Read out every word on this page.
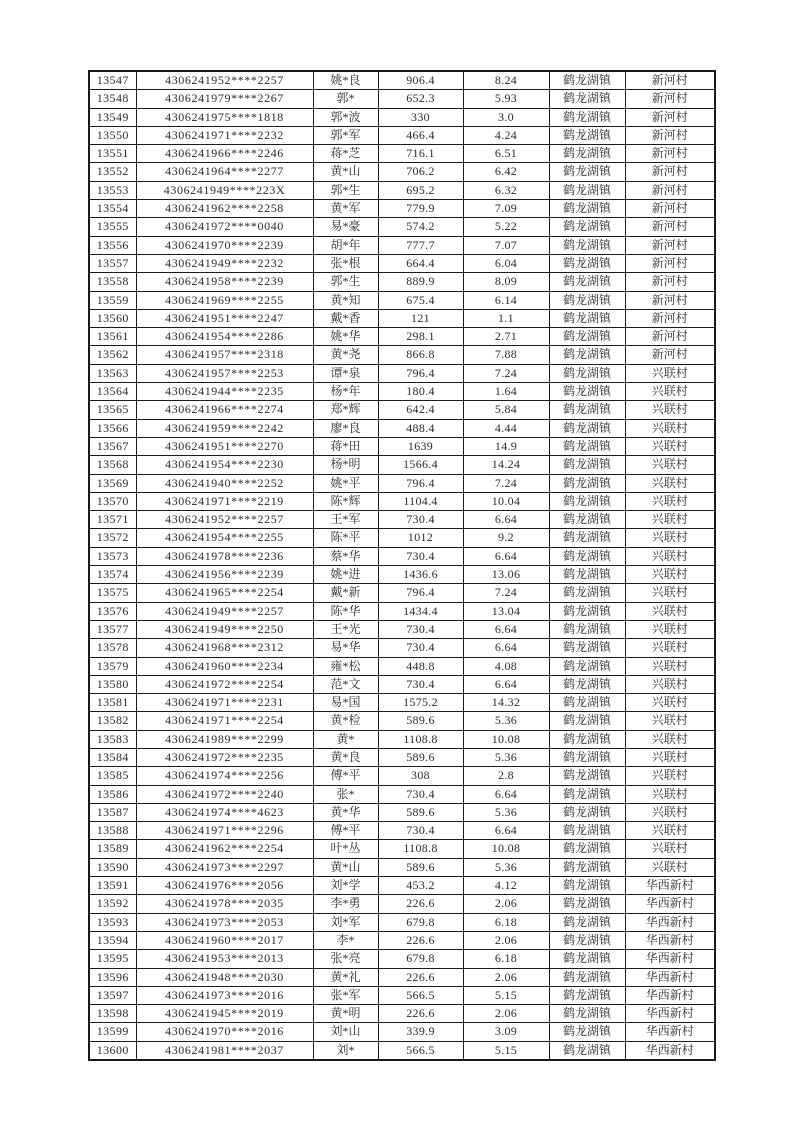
13547	4306241952****2257	姚*良	906.4	8.24	鹤龙湖镇	新河村
13548	4306241979****2267	郭*	652.3	5.93	鹤龙湖镇	新河村
13549	4306241975****1818	郭*波	330	3.0	鹤龙湖镇	新河村
13550	4306241971****2232	郭*军	466.4	4.24	鹤龙湖镇	新河村
13551	4306241966****2246	蒋*芝	716.1	6.51	鹤龙湖镇	新河村
13552	4306241964****2277	黄*山	706.2	6.42	鹤龙湖镇	新河村
13553	4306241949****223X	郭*生	695.2	6.32	鹤龙湖镇	新河村
13554	4306241962****2258	黄*军	779.9	7.09	鹤龙湖镇	新河村
13555	4306241972****0040	易*豪	574.2	5.22	鹤龙湖镇	新河村
13556	4306241970****2239	胡*年	777.7	7.07	鹤龙湖镇	新河村
13557	4306241949****2232	张*根	664.4	6.04	鹤龙湖镇	新河村
13558	4306241958****2239	郭*生	889.9	8.09	鹤龙湖镇	新河村
13559	4306241969****2255	黄*知	675.4	6.14	鹤龙湖镇	新河村
13560	4306241951****2247	戴*香	121	1.1	鹤龙湖镇	新河村
13561	4306241954****2286	姚*华	298.1	2.71	鹤龙湖镇	新河村
13562	4306241957****2318	黄*尧	866.8	7.88	鹤龙湖镇	新河村
13563	4306241957****2253	谭*泉	796.4	7.24	鹤龙湖镇	兴联村
13564	4306241944****2235	杨*年	180.4	1.64	鹤龙湖镇	兴联村
13565	4306241966****2274	郑*辉	642.4	5.84	鹤龙湖镇	兴联村
13566	4306241959****2242	廖*良	488.4	4.44	鹤龙湖镇	兴联村
13567	4306241951****2270	蒋*田	1639	14.9	鹤龙湖镇	兴联村
13568	4306241954****2230	杨*明	1566.4	14.24	鹤龙湖镇	兴联村
13569	4306241940****2252	姚*平	796.4	7.24	鹤龙湖镇	兴联村
13570	4306241971****2219	陈*辉	1104.4	10.04	鹤龙湖镇	兴联村
13571	4306241952****2257	王*军	730.4	6.64	鹤龙湖镇	兴联村
13572	4306241954****2255	陈*平	1012	9.2	鹤龙湖镇	兴联村
13573	4306241978****2236	蔡*华	730.4	6.64	鹤龙湖镇	兴联村
13574	4306241956****2239	姚*进	1436.6	13.06	鹤龙湖镇	兴联村
13575	4306241965****2254	戴*新	796.4	7.24	鹤龙湖镇	兴联村
13576	4306241949****2257	陈*华	1434.4	13.04	鹤龙湖镇	兴联村
13577	4306241949****2250	王*光	730.4	6.64	鹤龙湖镇	兴联村
13578	4306241968****2312	易*华	730.4	6.64	鹤龙湖镇	兴联村
13579	4306241960****2234	雍*松	448.8	4.08	鹤龙湖镇	兴联村
13580	4306241972****2254	范*文	730.4	6.64	鹤龙湖镇	兴联村
13581	4306241971****2231	易*国	1575.2	14.32	鹤龙湖镇	兴联村
13582	4306241971****2254	黄*检	589.6	5.36	鹤龙湖镇	兴联村
13583	4306241989****2299	黄*	1108.8	10.08	鹤龙湖镇	兴联村
13584	4306241972****2235	黄*良	589.6	5.36	鹤龙湖镇	兴联村
13585	4306241974****2256	傅*平	308	2.8	鹤龙湖镇	兴联村
13586	4306241972****2240	张*	730.4	6.64	鹤龙湖镇	兴联村
13587	4306241974****4623	黄*华	589.6	5.36	鹤龙湖镇	兴联村
13588	4306241971****2296	傅*平	730.4	6.64	鹤龙湖镇	兴联村
13589	4306241962****2254	叶*丛	1108.8	10.08	鹤龙湖镇	兴联村
13590	4306241973****2297	黄*山	589.6	5.36	鹤龙湖镇	兴联村
13591	4306241976****2056	刘*学	453.2	4.12	鹤龙湖镇	华西新村
13592	4306241978****2035	李*勇	226.6	2.06	鹤龙湖镇	华西新村
13593	4306241973****2053	刘*军	679.8	6.18	鹤龙湖镇	华西新村
13594	4306241960****2017	李*	226.6	2.06	鹤龙湖镇	华西新村
13595	4306241953****2013	张*亮	679.8	6.18	鹤龙湖镇	华西新村
13596	4306241948****2030	黄*礼	226.6	2.06	鹤龙湖镇	华西新村
13597	4306241973****2016	张*军	566.5	5.15	鹤龙湖镇	华西新村
13598	4306241945****2019	黄*明	226.6	2.06	鹤龙湖镇	华西新村
13599	4306241970****2016	刘*山	339.9	3.09	鹤龙湖镇	华西新村
13600	4306241981****2037	刘*	566.5	5.15	鹤龙湖镇	华西新村
